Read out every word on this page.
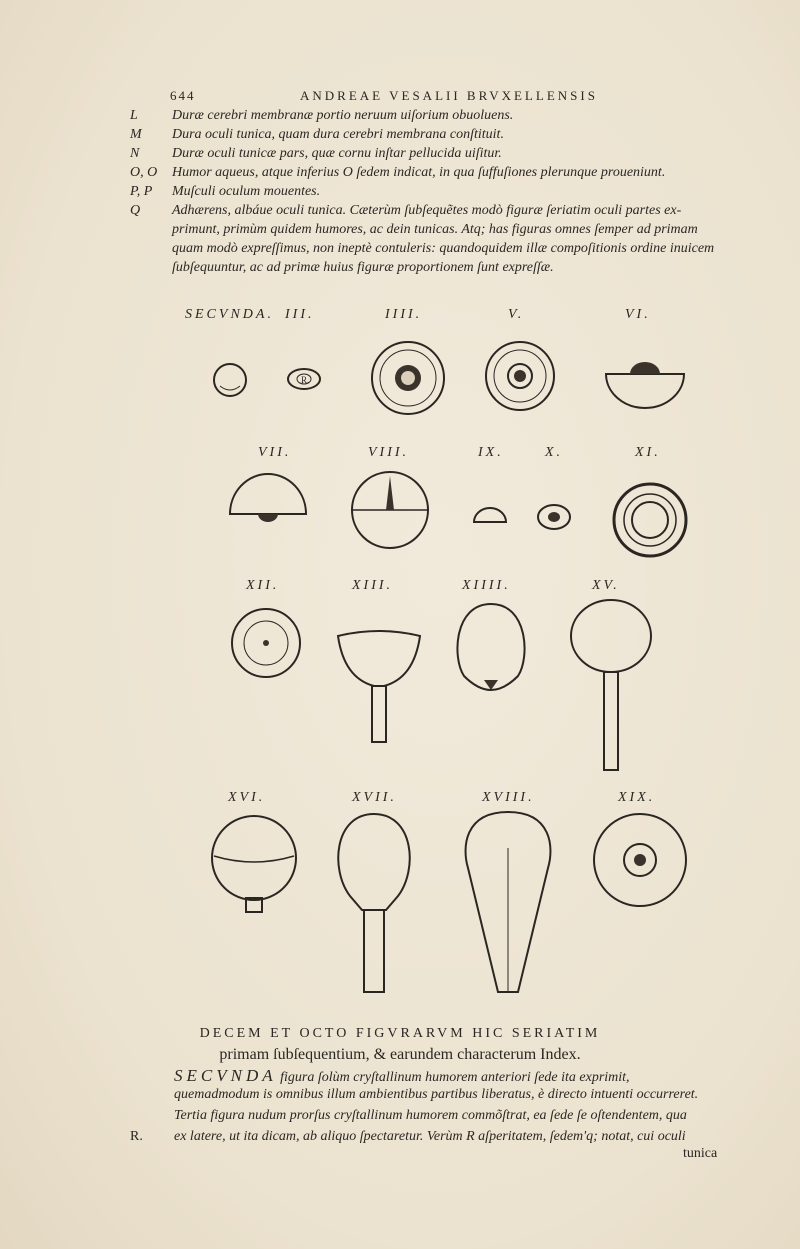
644	ANDREAE VESALII BRVXELLENSIS
L	Duræ cerebri membranæ portio neruum uiſorium obuoluens.
M	Dura oculi tunica, quam dura cerebri membrana conſtituit.
N	Duræ oculi tunicæ pars, quæ cornu inſtar pellucida uiſitur.
O, O	Humor aqueus, atque inferius O ſedem indicat, in qua ſuffuſiones plerunque proueniunt.
P, P	Muſculi oculum mouentes.
Q	Adhærens, albáue oculi tunica. Cæterùm ſubſequẽtes modò figuræ ſeriatim oculi partes ex-
primunt, primùm quidem humores, ac dein tunicas. Atq; has figuras omnes ſemper ad primam
quam modò expreſſimus, non ineptè contuleris: quandoquidem illæ compoſitionis ordine inuicem
ſubſequuntur, ac ad primæ huius figuræ proportionem ſunt expreſſæ.
SECVNDA. III.	IIII.	V.	VI.
VII.	VIII.	IX.	X.	XI.
XII.	XIII.	XIIII.	XV.
XVI.	XVII.	XVIII.	XIX.
R.
DECEM ET OCTO FIGVRARVM HIC SERIATIM
primam ſubſequentium, & earundem characterum Index.
SECVNDA figura ſolùm cryſtallinum humorem anteriori ſede ita exprimit,
quemadmodum is omnibus illum ambientibus partibus liberatus, è directo intuenti occurreret.
Tertia figura nudum prorſus cryſtallinum humorem commõſtrat, ea ſede ſe oſtendentem, qua
R. ex latere, ut ita dicam, ab aliquo ſpectaretur. Verùm R aſperitatem, ſedem'q; notat, cui oculi
tunica
